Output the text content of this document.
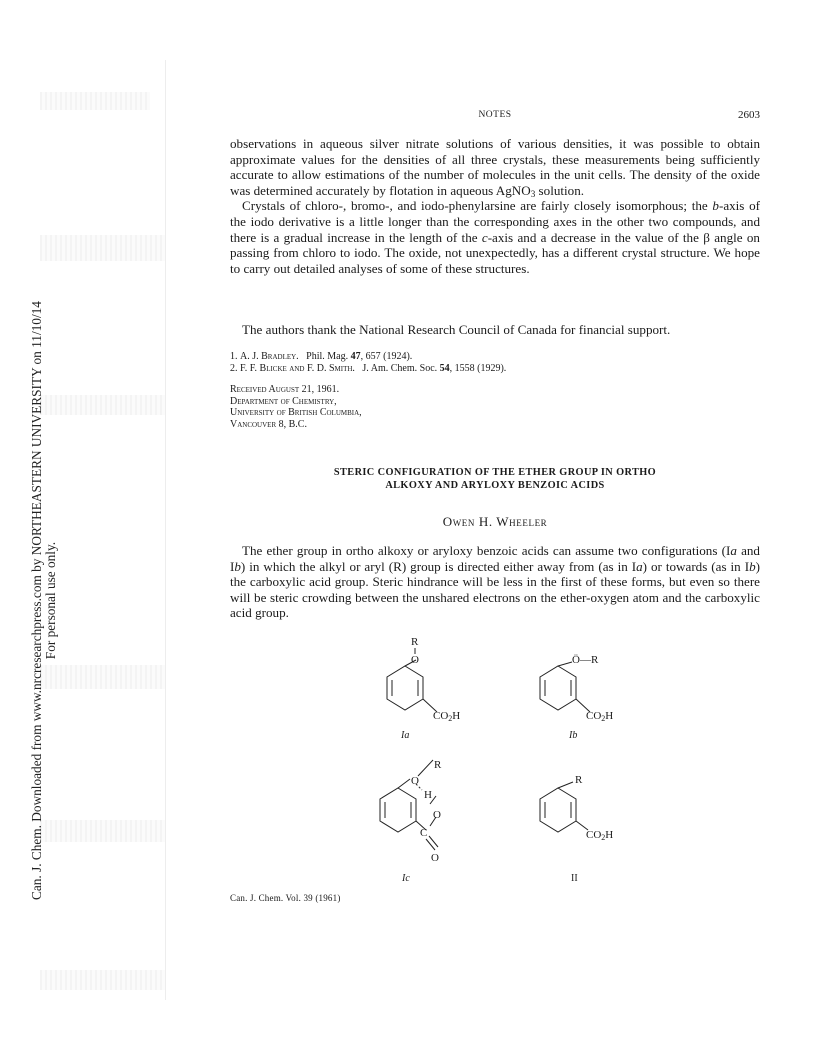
Can. J. Chem. Downloaded from www.nrcresearchpress.com by NORTHEASTERN UNIVERSITY on 11/10/14 For personal use only.
NOTES	2603

observations in aqueous silver nitrate solutions of various densities, it was possible to obtain approximate values for the densities of all three crystals, these measurements being sufficiently accurate to allow estimations of the number of molecules in the unit cells. The density of the oxide was determined accurately by flotation in aqueous AgNO$_3$ solution.

Crystals of chloro-, bromo-, and iodo-phenylarsine are fairly closely isomorphous; the b-axis of the iodo derivative is a little longer than the corresponding axes in the other two compounds, and there is a gradual increase in the length of the c-axis and a decrease in the value of the β angle on passing from chloro to iodo. The oxide, not unexpectedly, has a different crystal structure. We hope to carry out detailed analyses of some of these structures.

The authors thank the National Research Council of Canada for financial support.

1. A. J. Bradley. Phil. Mag. 47, 657 (1924).
2. F. F. Blicke and F. D. Smith. J. Am. Chem. Soc. 54, 1558 (1929).
Received August 21, 1961.
Department of Chemistry,
University of British Columbia,
Vancouver 8, B.C.
STERIC CONFIGURATION OF THE ETHER GROUP IN ORTHO
ALKOXY AND ARYLOXY BENZOIC ACIDS
Owen H. Wheeler

The ether group in ortho alkoxy or aryloxy benzoic acids can assume two configurations (Ia and Ib) in which the alkyl or aryl (R) group is directed either away from (as in Ia) or towards (as in Ib) the carboxylic acid group. Steric hindrance will be less in the first of these forms, but even so there will be steric crowding between the unshared electrons on the ether-oxygen atom and the carboxylic acid group.

R
O
CO2H
Ö—R
CO2H
R
O
H
O
C
O
R
CO2H
Ia	Ib
Ic	II
Can. J. Chem. Vol. 39 (1961)
